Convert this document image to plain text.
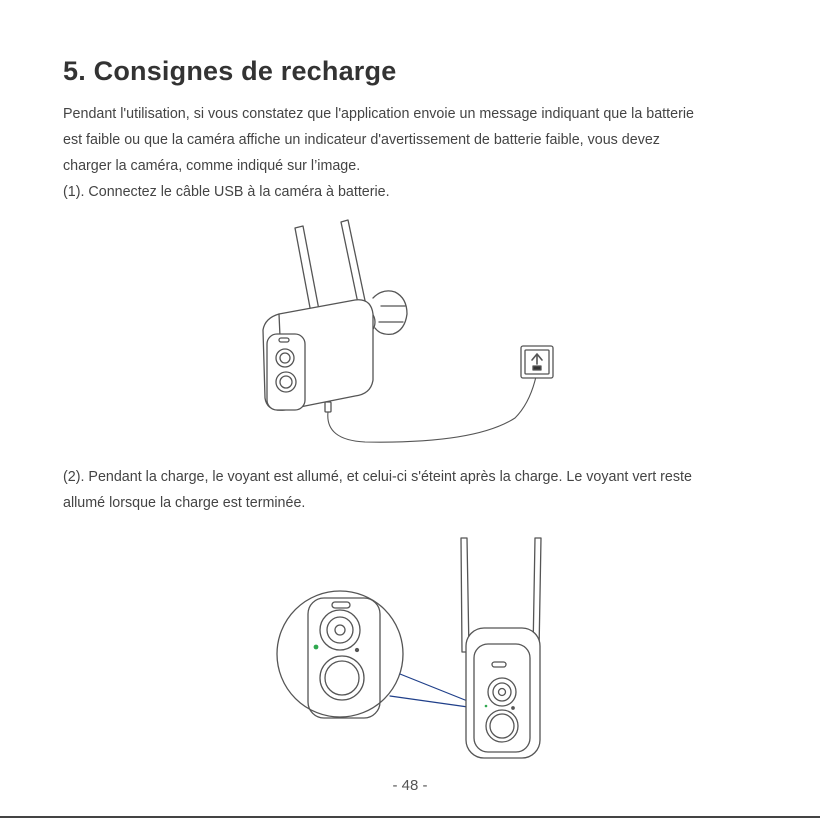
5. Consignes de recharge

Pendant l'utilisation, si vous constatez que l'application envoie un message indiquant que la batterie

est faible ou que la caméra affiche un indicateur d'avertissement de batterie faible, vous devez

charger la caméra, comme indiqué sur l’image.

(1). Connectez le câble USB à la caméra à batterie.

(2). Pendant la charge, le voyant est allumé, et celui-ci s'éteint après la charge. Le voyant vert reste

allumé lorsque la charge est terminée.

- 48 -
